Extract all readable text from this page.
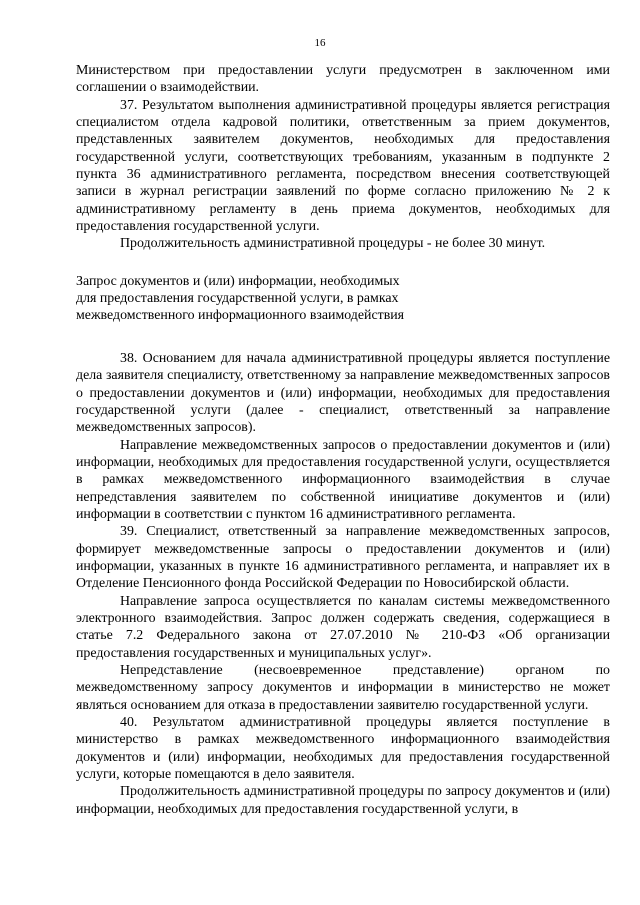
16

Министерством при предоставлении услуги предусмотрен в заключенном ими соглашении о взаимодействии.

37. Результатом выполнения административной процедуры является регистрация специалистом отдела кадровой политики, ответственным за прием документов, представленных заявителем документов, необходимых для предоставления государственной услуги, соответствующих требованиям, указанным в подпункте 2 пункта 36 административного регламента, посредством внесения соответствующей записи в журнал регистрации заявлений по форме согласно приложению № 2 к административному регламенту в день приема документов, необходимых для предоставления государственной услуги.

Продолжительность административной процедуры - не более 30 минут.

Запрос документов и (или) информации, необходимых

для предоставления государственной услуги, в рамках

межведомственного информационного взаимодействия

38. Основанием для начала административной процедуры является поступление дела заявителя специалисту, ответственному за направление межведомственных запросов о предоставлении документов и (или) информации, необходимых для предоставления государственной услуги (далее - специалист, ответственный за направление межведомственных запросов).

Направление межведомственных запросов о предоставлении документов и (или) информации, необходимых для предоставления государственной услуги, осуществляется в рамках межведомственного информационного взаимодействия в случае непредставления заявителем по собственной инициативе документов и (или) информации в соответствии с пунктом 16 административного регламента.

39. Специалист, ответственный за направление межведомственных запросов, формирует межведомственные запросы о предоставлении документов и (или) информации, указанных в пункте 16 административного регламента, и направляет их в Отделение Пенсионного фонда Российской Федерации по Новосибирской области.

Направление запроса осуществляется по каналам системы межведомственного электронного взаимодействия. Запрос должен содержать сведения, содержащиеся в статье 7.2 Федерального закона от 27.07.2010 № 210-ФЗ «Об организации предоставления государственных и муниципальных услуг».

Непредставление (несвоевременное представление) органом по межведомственному запросу документов и информации в министерство не может являться основанием для отказа в предоставлении заявителю государственной услуги.

40. Результатом административной процедуры является поступление в министерство в рамках межведомственного информационного взаимодействия документов и (или) информации, необходимых для предоставления государственной услуги, которые помещаются в дело заявителя.

Продолжительность административной процедуры по запросу документов и (или) информации, необходимых для предоставления государственной услуги, в
